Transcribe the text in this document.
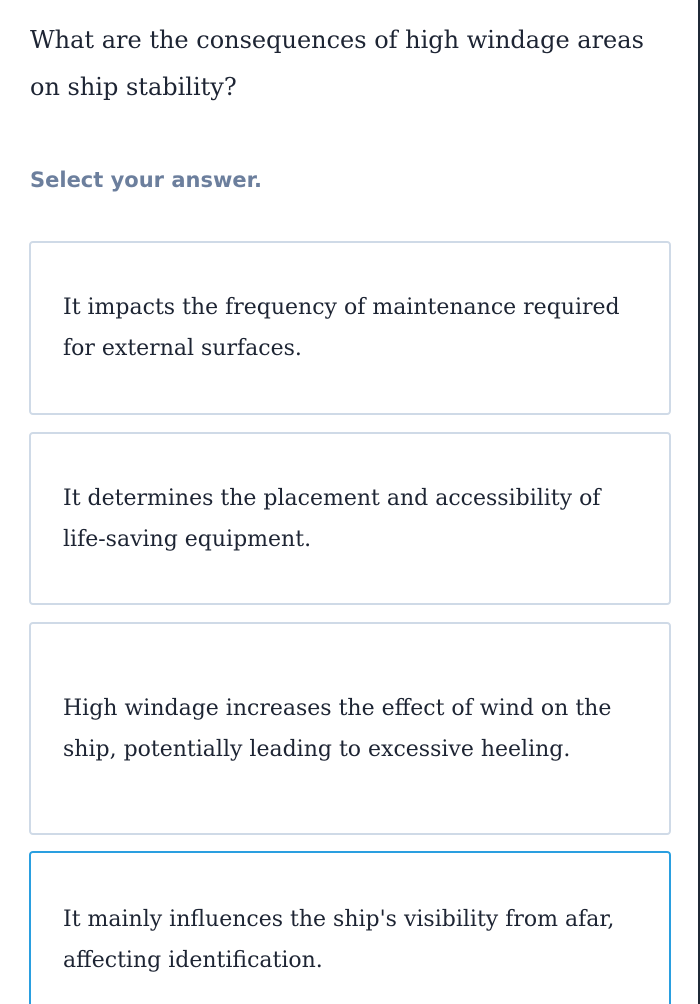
What are the consequences of high windage areas on ship stability?

Select your answer.

It impacts the frequency of maintenance required for external surfaces.
It determines the placement and accessibility of life-saving equipment.
High windage increases the effect of wind on the ship, potentially leading to excessive heeling.
It mainly influences the ship's visibility from afar, affecting identification.
